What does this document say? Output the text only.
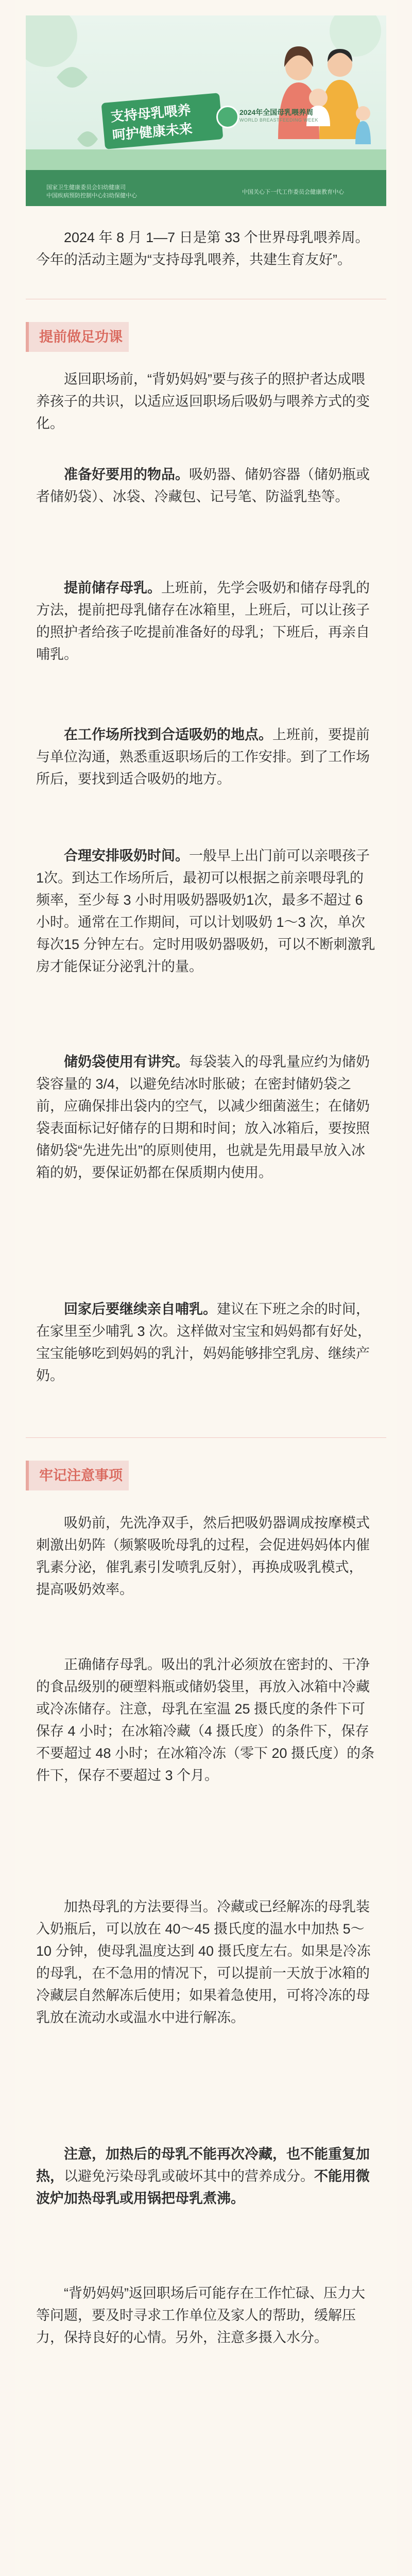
支持母乳喂养
呵护健康未来
2024年全国母乳喂养周
WORLD BREASTFEEDING WEEK
国家卫生健康委员会妇幼健康司
中国疾病预防控制中心妇幼保健中心
中国关心下一代工作委员会健康教育中心

2024 年 8 月 1—7 日是第 33 个世界母乳喂养周。今年的活动主题为“支持母乳喂养，共建生育友好”。

提前做足功课

返回职场前，“背奶妈妈”要与孩子的照护者达成喂养孩子的共识，以适应返回职场后吸奶与喂养方式的变化。

准备好要用的物品。吸奶器、储奶容器（储奶瓶或者储奶袋）、冰袋、冷藏包、记号笔、防溢乳垫等。

提前储存母乳。上班前，先学会吸奶和储存母乳的方法，提前把母乳储存在冰箱里，上班后，可以让孩子的照护者给孩子吃提前准备好的母乳；下班后，再亲自哺乳。

在工作场所找到合适吸奶的地点。上班前，要提前与单位沟通，熟悉重返职场后的工作安排。到了工作场所后，要找到适合吸奶的地方。

合理安排吸奶时间。一般早上出门前可以亲喂孩子1次。到达工作场所后，最初可以根据之前亲喂母乳的频率，至少每 3 小时用吸奶器吸奶1次，最多不超过 6 小时。通常在工作期间，可以计划吸奶 1～3 次，单次每次15 分钟左右。定时用吸奶器吸奶，可以不断刺激乳房才能保证分泌乳汁的量。

储奶袋使用有讲究。每袋装入的母乳量应约为储奶袋容量的 3/4，以避免结冰时胀破；在密封储奶袋之前，应确保排出袋内的空气，以减少细菌滋生；在储奶袋表面标记好储存的日期和时间；放入冰箱后，要按照储奶袋“先进先出”的原则使用，也就是先用最早放入冰箱的奶，要保证奶都在保质期内使用。

回家后要继续亲自哺乳。建议在下班之余的时间，在家里至少哺乳 3 次。这样做对宝宝和妈妈都有好处，宝宝能够吃到妈妈的乳汁，妈妈能够排空乳房、继续产奶。

牢记注意事项

吸奶前，先洗净双手，然后把吸奶器调成按摩模式刺激出奶阵（频繁吸吮母乳的过程，会促进妈妈体内催乳素分泌，催乳素引发喷乳反射），再换成吸乳模式，提高吸奶效率。

正确储存母乳。吸出的乳汁必须放在密封的、干净的食品级别的硬塑料瓶或储奶袋里，再放入冰箱中冷藏或冷冻储存。注意，母乳在室温 25 摄氏度的条件下可保存 4 小时；在冰箱冷藏（4 摄氏度）的条件下，保存不要超过 48 小时；在冰箱冷冻（零下 20 摄氏度）的条件下，保存不要超过 3 个月。

加热母乳的方法要得当。冷藏或已经解冻的母乳装入奶瓶后，可以放在 40～45 摄氏度的温水中加热 5～10 分钟，使母乳温度达到 40 摄氏度左右。如果是冷冻的母乳，在不急用的情况下，可以提前一天放于冰箱的冷藏层自然解冻后使用；如果着急使用，可将冷冻的母乳放在流动水或温水中进行解冻。

注意，加热后的母乳不能再次冷藏，也不能重复加热，以避免污染母乳或破坏其中的营养成分。不能用微波炉加热母乳或用锅把母乳煮沸。

“背奶妈妈”返回职场后可能存在工作忙碌、压力大等问题，要及时寻求工作单位及家人的帮助，缓解压力，保持良好的心情。另外，注意多摄入水分。
